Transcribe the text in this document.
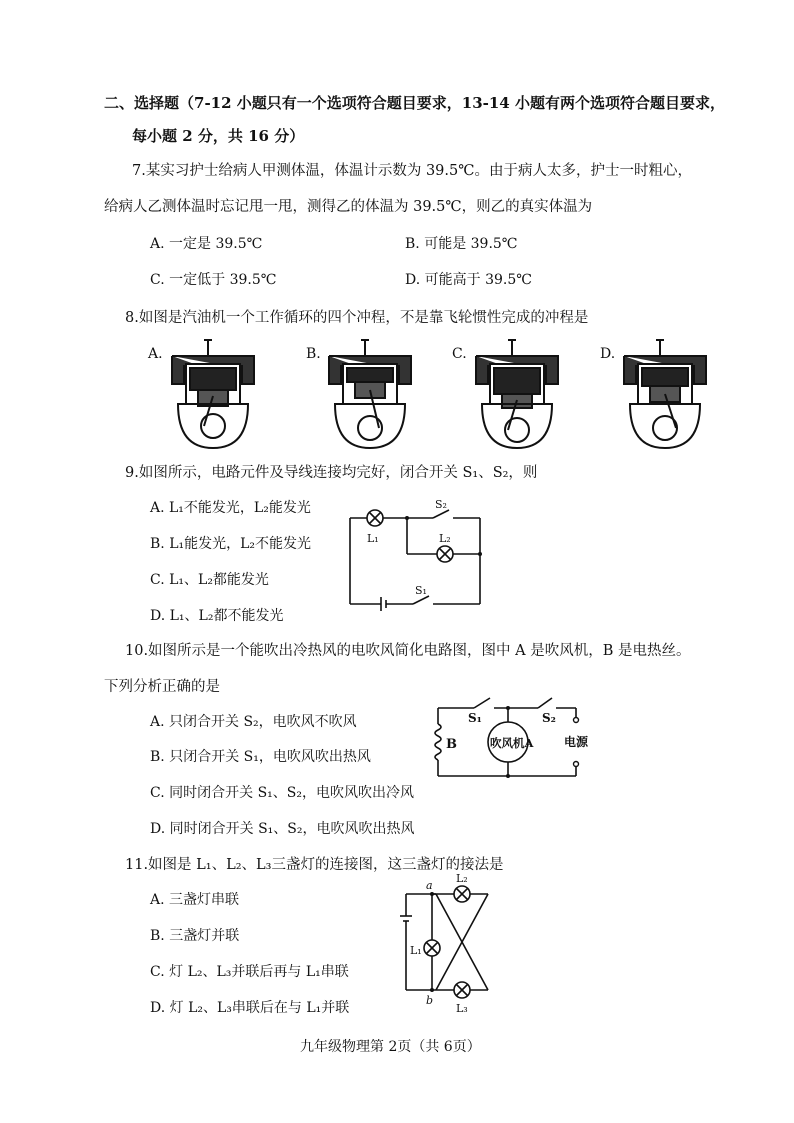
二、选择题（7-12 小题只有一个选项符合题目要求，13-14 小题有两个选项符合题目要求，
每小题 2 分，共 16 分）
7.某实习护士给病人甲测体温，体温计示数为 39.5℃。由于病人太多，护士一时粗心，
给病人乙测体温时忘记甩一甩，测得乙的体温为 39.5℃，则乙的真实体温为
A. 一定是 39.5℃	B. 可能是 39.5℃
C. 一定低于 39.5℃	D. 可能高于 39.5℃
8.如图是汽油机一个工作循环的四个冲程，不是靠飞轮惯性完成的冲程是
A.	B.	C.	D.
9.如图所示，电路元件及导线连接均完好，闭合开关 S₁、S₂，则
A. L₁不能发光，L₂能发光
B. L₁能发光，L₂不能发光
C. L₁、L₂都能发光
D. L₁、L₂都不能发光
L₁	L₂
S₂
S₁
10.如图所示是一个能吹出冷热风的电吹风简化电路图，图中 A 是吹风机，B 是电热丝。
下列分析正确的是
A. 只闭合开关 S₂，电吹风不吹风
B. 只闭合开关 S₁，电吹风吹出热风
C. 同时闭合开关 S₁、S₂，电吹风吹出冷风
D. 同时闭合开关 S₁、S₂，电吹风吹出热风
S₁	S₂
B	吹风机A	电源
11.如图是 L₁、L₂、L₃三盏灯的连接图，这三盏灯的接法是
A. 三盏灯串联
B. 三盏灯并联
C. 灯 L₂、L₃并联后再与 L₁串联
D. 灯 L₂、L₃串联后在与 L₁并联
a
b
L₁
L₂
L₃
九年级物理第 2页（共 6页）
